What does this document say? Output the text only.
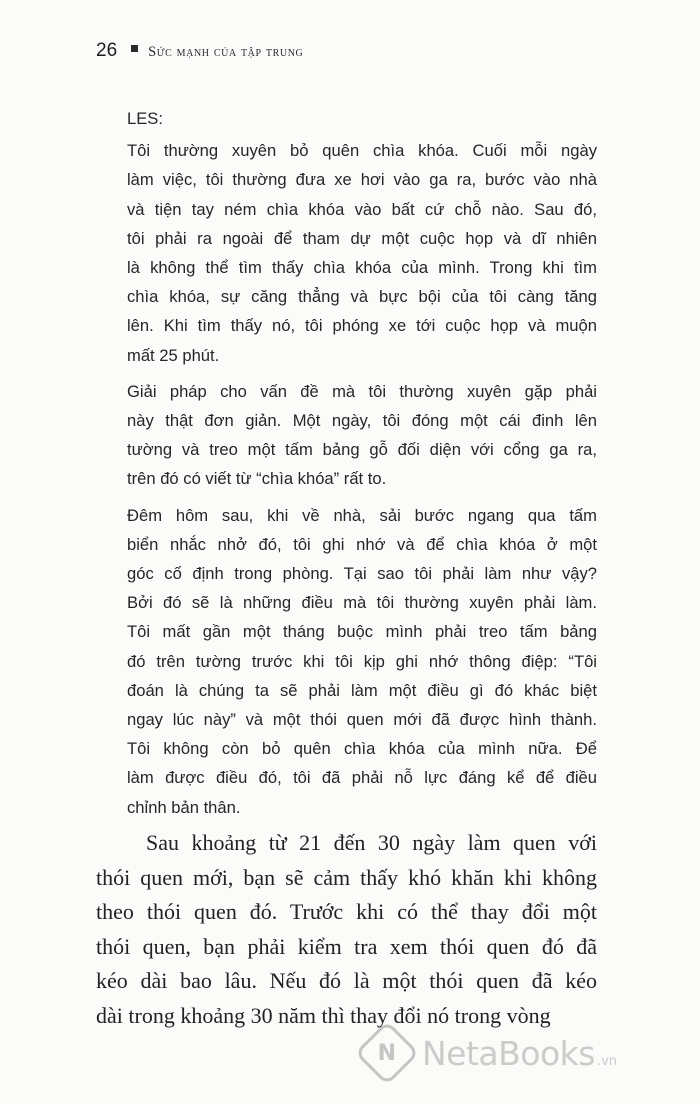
26 Sức mạnh của tập trung

LES:

Tôi thường xuyên bỏ quên chìa khóa. Cuối mỗi ngày
làm việc, tôi thường đưa xe hơi vào ga ra, bước vào nhà
và tiện tay ném chìa khóa vào bất cứ chỗ nào. Sau đó,
tôi phải ra ngoài để tham dự một cuộc họp và dĩ nhiên
là không thể tìm thấy chìa khóa của mình. Trong khi tìm
chìa khóa, sự căng thẳng và bực bội của tôi càng tăng
lên. Khi tìm thấy nó, tôi phóng xe tới cuộc họp và muộn
mất 25 phút.

Giải pháp cho vấn đề mà tôi thường xuyên gặp phải
này thật đơn giản. Một ngày, tôi đóng một cái đinh lên
tường và treo một tấm bảng gỗ đối diện với cổng ga ra,
trên đó có viết từ “chìa khóa” rất to.

Đêm hôm sau, khi về nhà, sải bước ngang qua tấm
biển nhắc nhở đó, tôi ghi nhớ và để chìa khóa ở một
góc cố định trong phòng. Tại sao tôi phải làm như vậy?
Bởi đó sẽ là những điều mà tôi thường xuyên phải làm.
Tôi mất gần một tháng buộc mình phải treo tấm bảng
đó trên tường trước khi tôi kịp ghi nhớ thông điệp: “Tôi
đoán là chúng ta sẽ phải làm một điều gì đó khác biệt
ngay lúc này” và một thói quen mới đã được hình thành.
Tôi không còn bỏ quên chìa khóa của mình nữa. Để
làm được điều đó, tôi đã phải nỗ lực đáng kể để điều
chỉnh bản thân.

Sau khoảng từ 21 đến 30 ngày làm quen với
thói quen mới, bạn sẽ cảm thấy khó khăn khi không
theo thói quen đó. Trước khi có thể thay đổi một
thói quen, bạn phải kiểm tra xem thói quen đó đã
kéo dài bao lâu. Nếu đó là một thói quen đã kéo
dài trong khoảng 30 năm thì thay đổi nó trong vòng

N NetaBooks .vn
